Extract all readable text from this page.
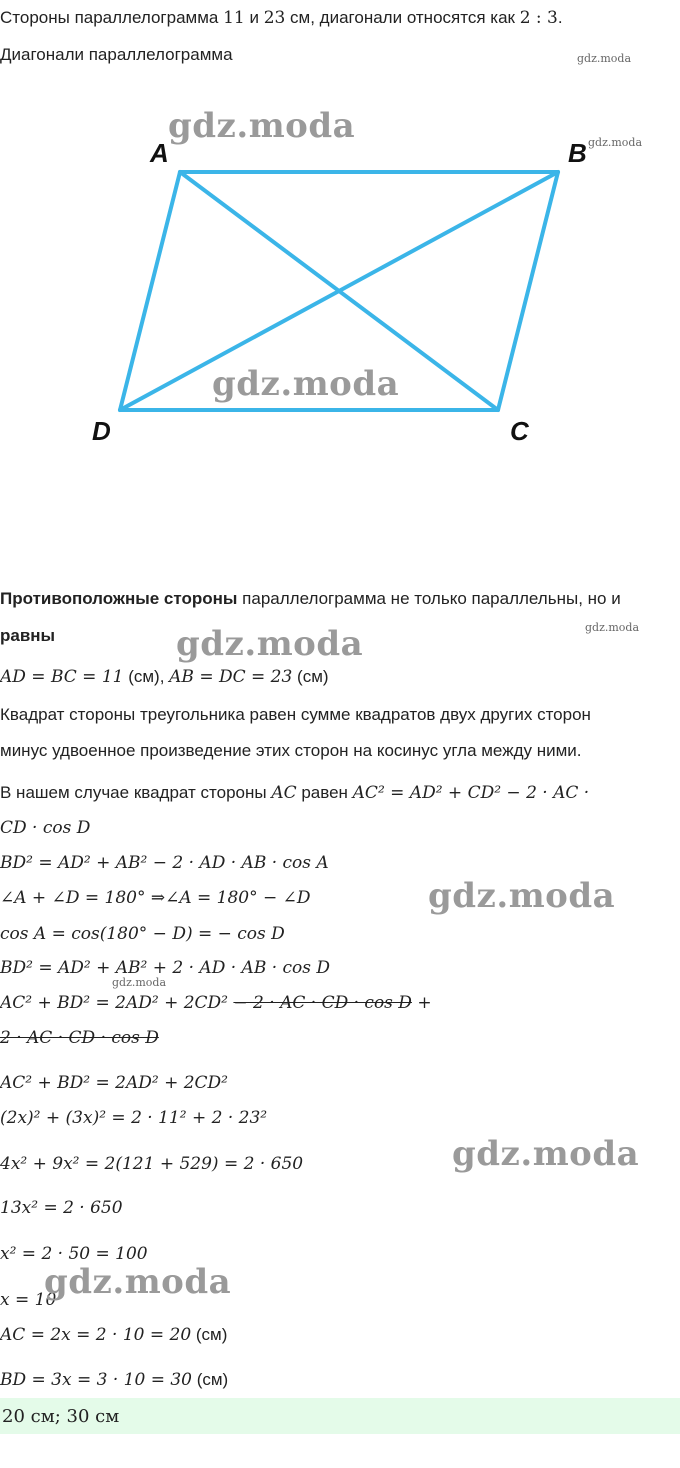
Стороны параллелограмма 11 и 23 см, диагонали относятся как 2 : 3.
Диагонали параллелограмма	gdz.moda
A	B
C
D
gdz.moda	gdz.moda
gdz.moda
Противоположные стороны параллелограмма не только параллельны, но и
равны	gdz.moda
gdz.moda
AD = BC = 11 (см), AB = DC = 23 (см)
Квадрат стороны треугольника равен сумме квадратов двух других сторон
минус удвоенное произведение этих сторон на косинус угла между ними.
В нашем случае квадрат стороны AC равен AC² = AD² + CD² − 2 · AC ·
CD · cos D
BD² = AD² + AB² − 2 · AD · AB · cos A
∠A + ∠D = 180° ⇒∠A = 180° − ∠D	gdz.moda
cos A = cos(180° − D) = − cos D
BD² = AD² + AB² + 2 · AD · AB · cos D
gdz.moda
AC² + BD² = 2AD² + 2CD² − 2 · AC · CD · cos D +
2 · AC · CD · cos D
AC² + BD² = 2AD² + 2CD²
(2x)² + (3x)² = 2 · 11² + 2 · 23²
4x² + 9x² = 2(121 + 529) = 2 · 650	gdz.moda
13x² = 2 · 650
x² = 2 · 50 = 100
x = 10
gdz.moda
AC = 2x = 2 · 10 = 20 (см)
BD = 3x = 3 · 10 = 30 (см)
20 см; 30 см
